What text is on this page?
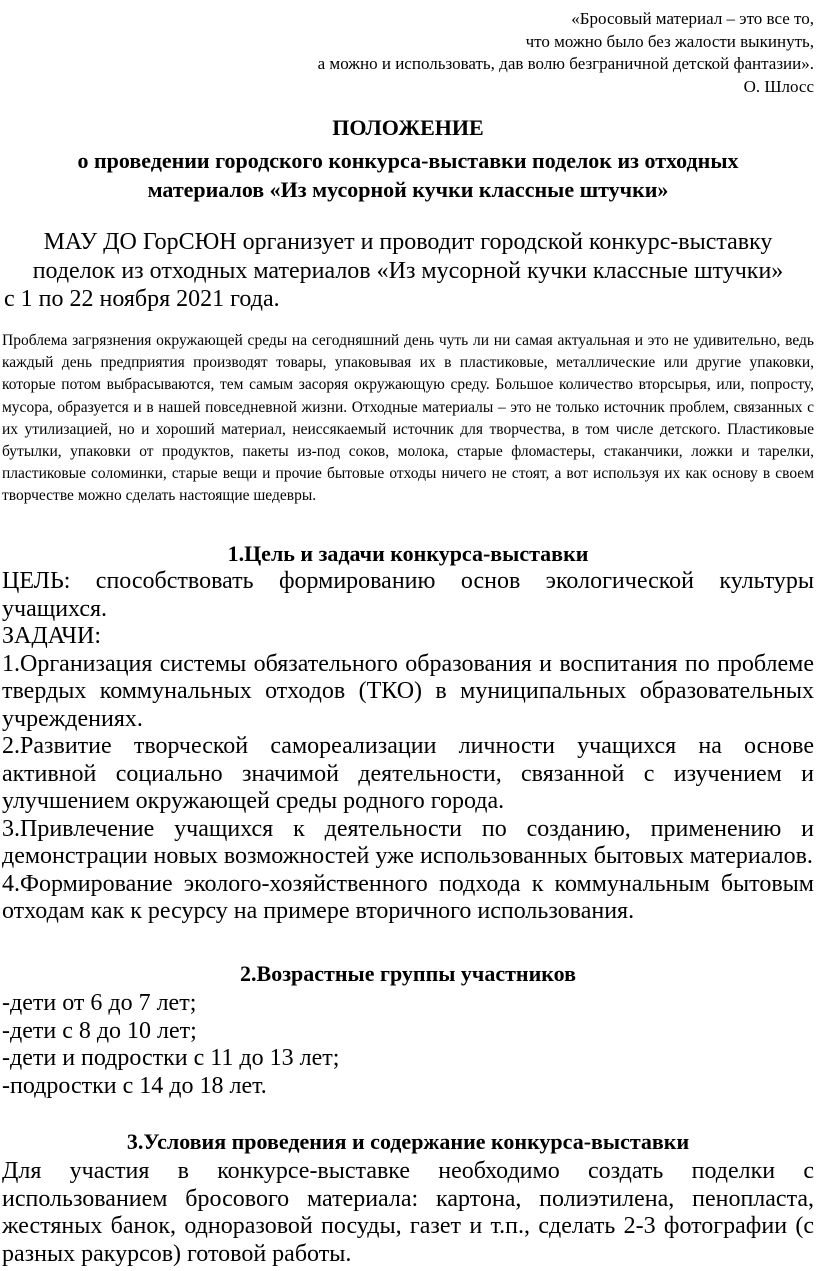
«Бросовый материал – это все то,
что можно было без жалости выкинуть,
а можно и использовать, дав волю безграничной детской фантазии».
О. Шлосс
ПОЛОЖЕНИЕ
о проведении городского конкурса-выставки поделок из отходных материалов «Из мусорной кучки классные штучки»
МАУ ДО ГорСЮН организует и проводит городской конкурс-выставку
поделок из отходных материалов «Из мусорной кучки классные штучки»
с 1 по 22 ноября 2021 года.

Проблема загрязнения окружающей среды на сегодняшний день чуть ли ни самая актуальная и это не удивительно, ведь каждый день предприятия производят товары, упаковывая их в пластиковые, металлические или другие упаковки, которые потом выбрасываются, тем самым засоряя окружающую среду. Большое количество вторсырья, или, попросту, мусора, образуется и в нашей повседневной жизни. Отходные материалы – это не только источник проблем, связанных с их утилизацией, но и хороший материал, неиссякаемый источник для творчества, в том числе детского. Пластиковые бутылки, упаковки от продуктов, пакеты из-под соков, молока, старые фломастеры, стаканчики, ложки и тарелки, пластиковые соломинки, старые вещи и прочие бытовые отходы ничего не стоят, а вот используя их как основу в своем творчестве можно сделать настоящие шедевры.

1.Цель и задачи конкурса-выставки

ЦЕЛЬ: способствовать формированию основ экологической культуры учащихся.

ЗАДАЧИ:

1.Организация системы обязательного образования и воспитания по проблеме твердых коммунальных отходов (ТКО) в муниципальных образовательных учреждениях.

2.Развитие творческой самореализации личности учащихся на основе активной социально значимой деятельности, связанной с изучением и улучшением окружающей среды родного города.

3.Привлечение учащихся к деятельности по созданию, применению и демонстрации новых возможностей уже использованных бытовых материалов.

4.Формирование эколого-хозяйственного подхода к коммунальным бытовым отходам как к ресурсу на примере вторичного использования.

2.Возрастные группы участников

-дети от 6 до 7 лет;

-дети с 8 до 10 лет;

-дети и подростки с 11 до 13 лет;

-подростки с 14 до 18 лет.

3.Условия проведения и содержание конкурса-выставки

Для участия в конкурсе-выставке необходимо создать поделки с использованием бросового материала: картона, полиэтилена, пенопласта, жестяных банок, одноразовой посуды, газет и т.п., сделать 2-3 фотографии (с разных ракурсов) готовой работы.
